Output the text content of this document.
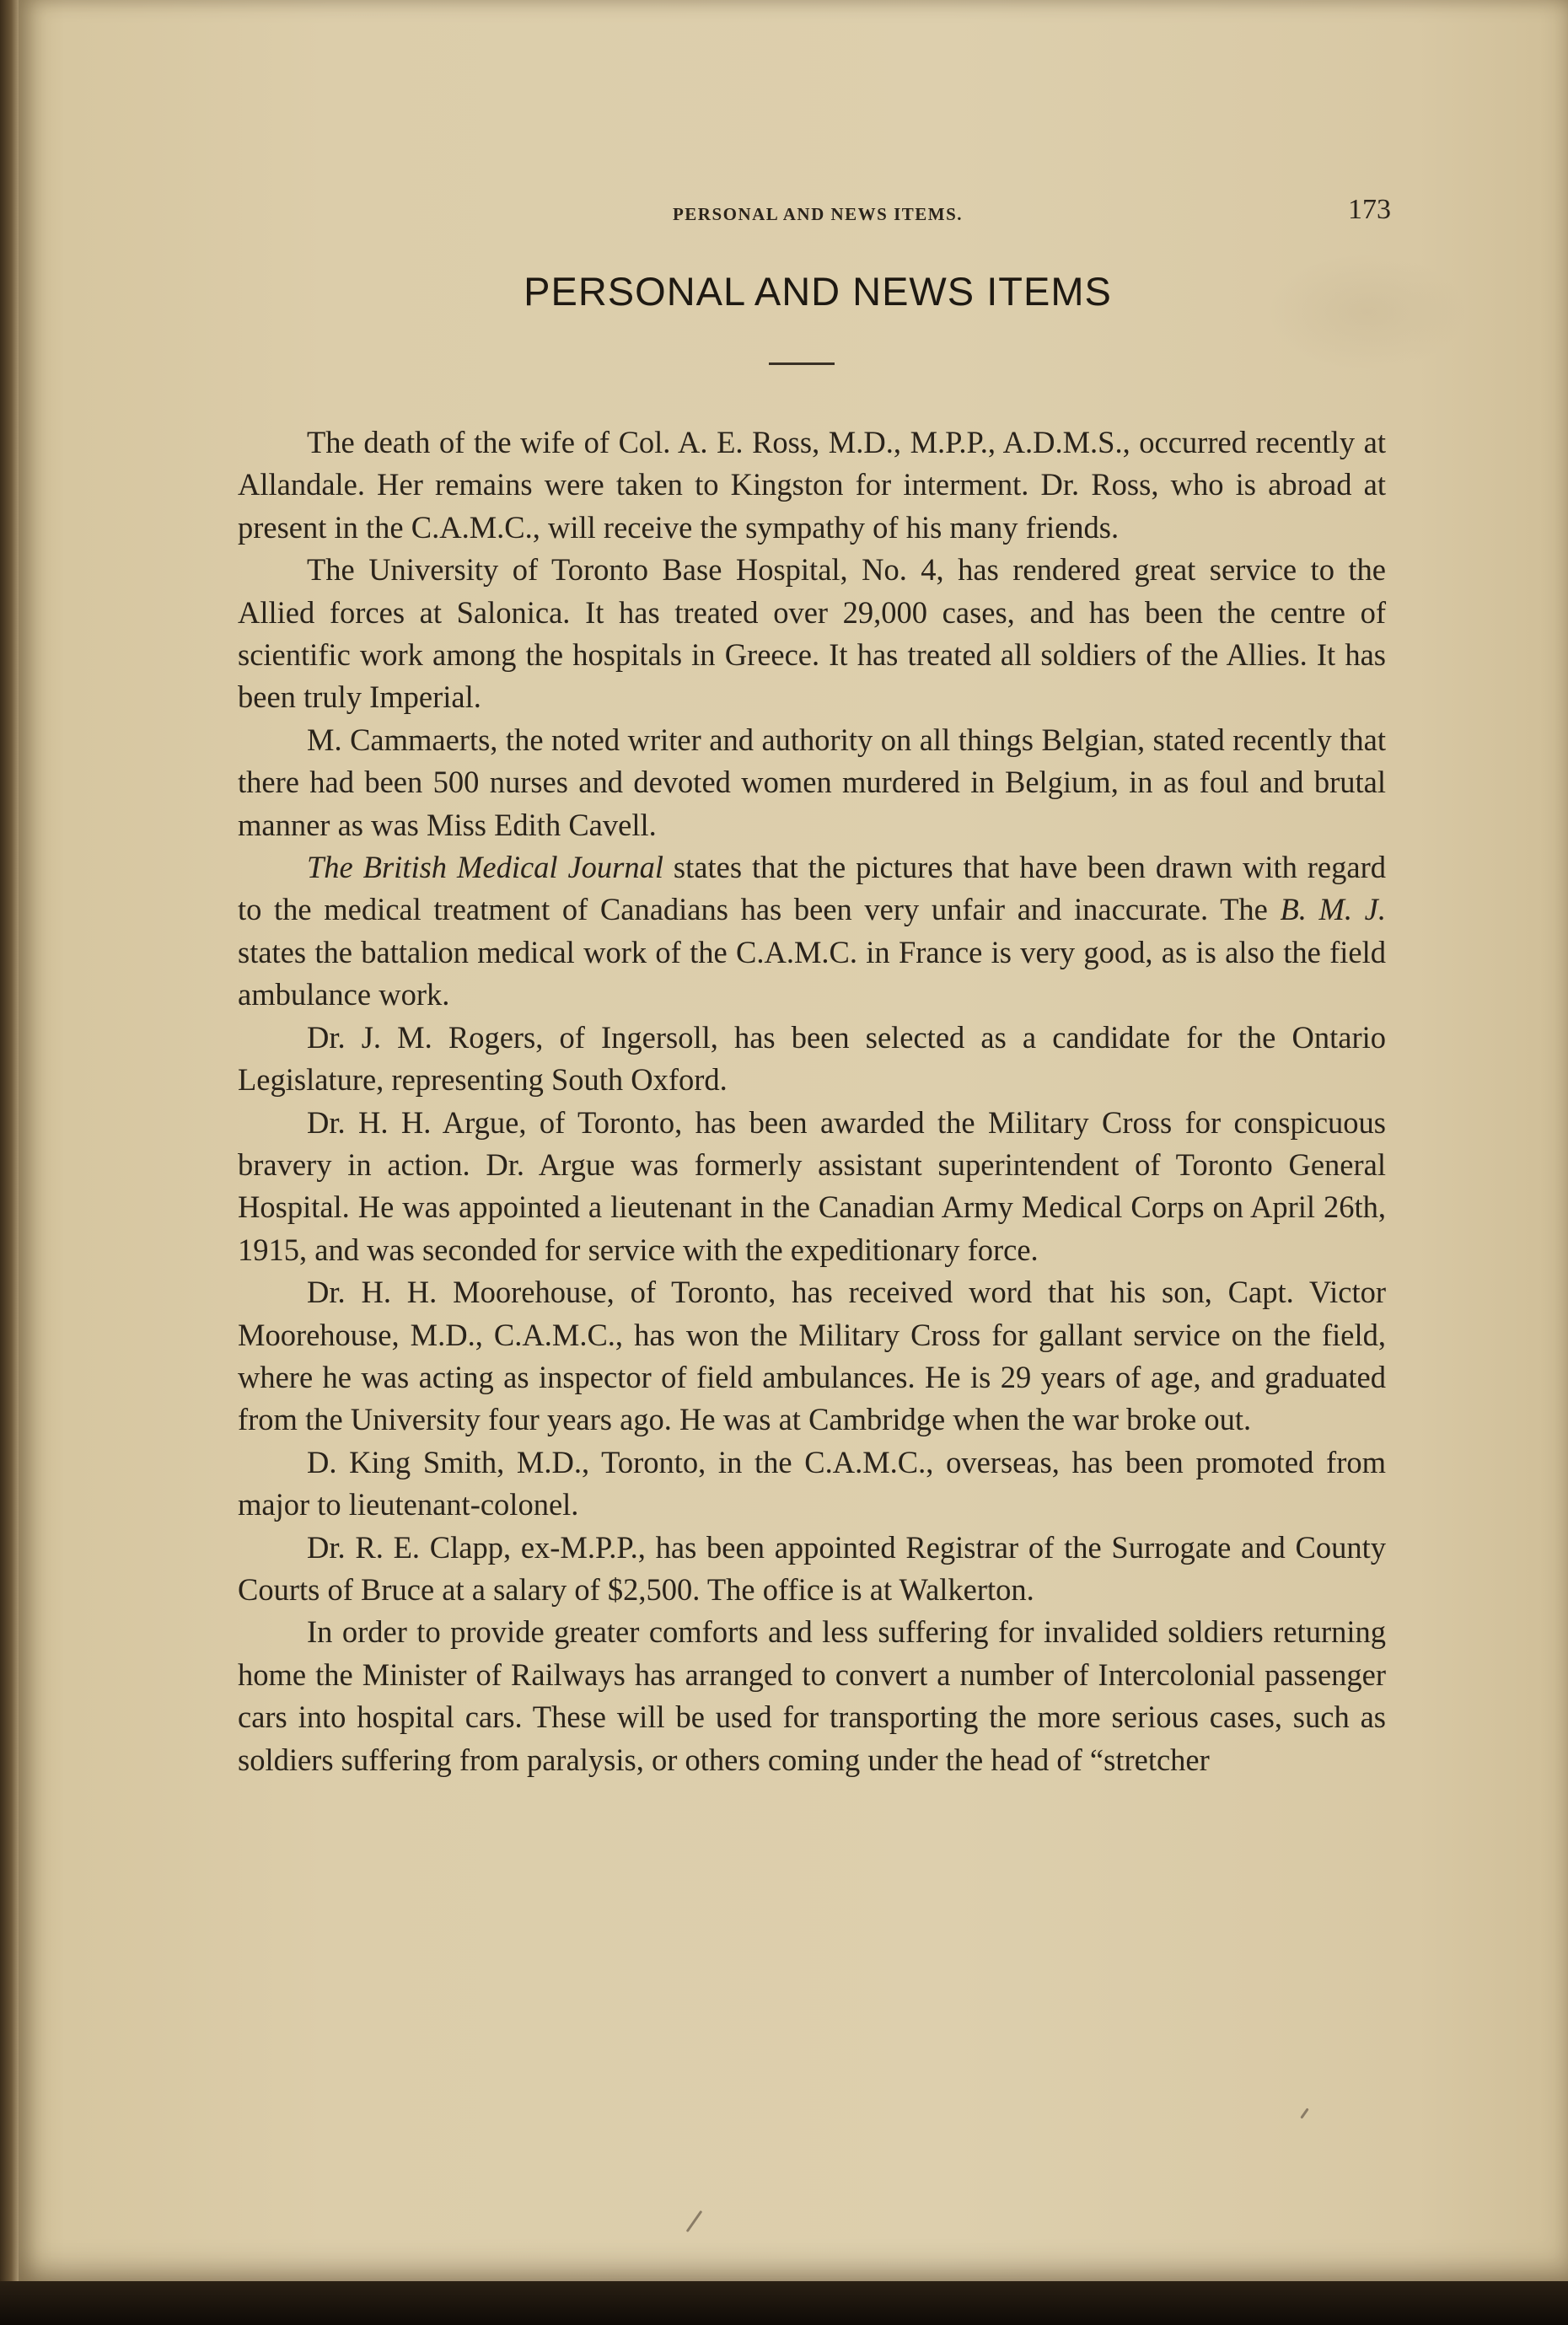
PERSONAL AND NEWS ITEMS.	173
PERSONAL AND NEWS ITEMS

The death of the wife of Col. A. E. Ross, M.D., M.P.P., A.D.M.S., occurred recently at Allandale. Her remains were taken to Kingston for interment. Dr. Ross, who is abroad at present in the C.A.M.C., will receive the sympathy of his many friends.

The University of Toronto Base Hospital, No. 4, has rendered great service to the Allied forces at Salonica. It has treated over 29,000 cases, and has been the centre of scientific work among the hospitals in Greece. It has treated all soldiers of the Allies. It has been truly Imperial.

M. Cammaerts, the noted writer and authority on all things Belgian, stated recently that there had been 500 nurses and devoted women murdered in Belgium, in as foul and brutal manner as was Miss Edith Cavell.

The British Medical Journal states that the pictures that have been drawn with regard to the medical treatment of Canadians has been very unfair and inaccurate. The B. M. J. states the battalion medical work of the C.A.M.C. in France is very good, as is also the field ambulance work.

Dr. J. M. Rogers, of Ingersoll, has been selected as a candidate for the Ontario Legislature, representing South Oxford.

Dr. H. H. Argue, of Toronto, has been awarded the Military Cross for conspicuous bravery in action. Dr. Argue was formerly assistant superintendent of Toronto General Hospital. He was appointed a lieutenant in the Canadian Army Medical Corps on April 26th, 1915, and was seconded for service with the expeditionary force.

Dr. H. H. Moorehouse, of Toronto, has received word that his son, Capt. Victor Moorehouse, M.D., C.A.M.C., has won the Military Cross for gallant service on the field, where he was acting as inspector of field ambulances. He is 29 years of age, and graduated from the University four years ago. He was at Cambridge when the war broke out.

D. King Smith, M.D., Toronto, in the C.A.M.C., overseas, has been promoted from major to lieutenant-colonel.

Dr. R. E. Clapp, ex-M.P.P., has been appointed Registrar of the Surrogate and County Courts of Bruce at a salary of $2,500. The office is at Walkerton.

In order to provide greater comforts and less suffering for invalided soldiers returning home the Minister of Railways has arranged to convert a number of Intercolonial passenger cars into hospital cars. These will be used for transporting the more serious cases, such as soldiers suffering from paralysis, or others coming under the head of “stretcher
